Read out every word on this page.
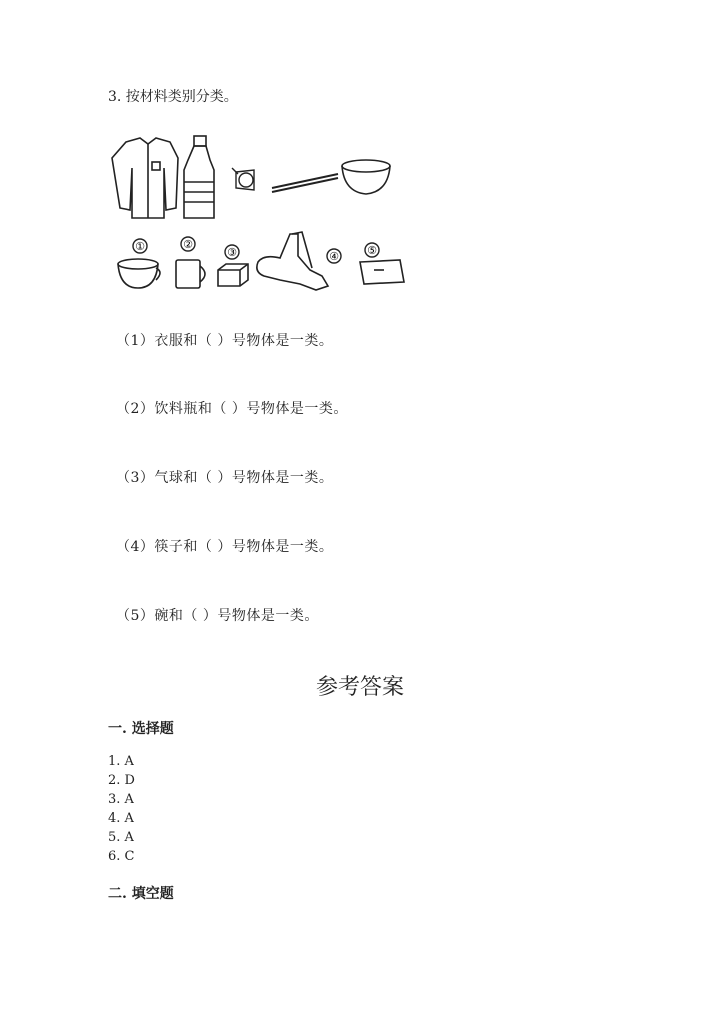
3. 按材料类别分类。
①	②
③	④	⑤
（1）衣服和（ ）号物体是一类。
（2）饮料瓶和（ ）号物体是一类。
（3）气球和（ ）号物体是一类。
（4）筷子和（ ）号物体是一类。
（5）碗和（ ）号物体是一类。
参考答案
一. 选择题
1. A
2. D
3. A
4. A
5. A
6. C
二. 填空题
